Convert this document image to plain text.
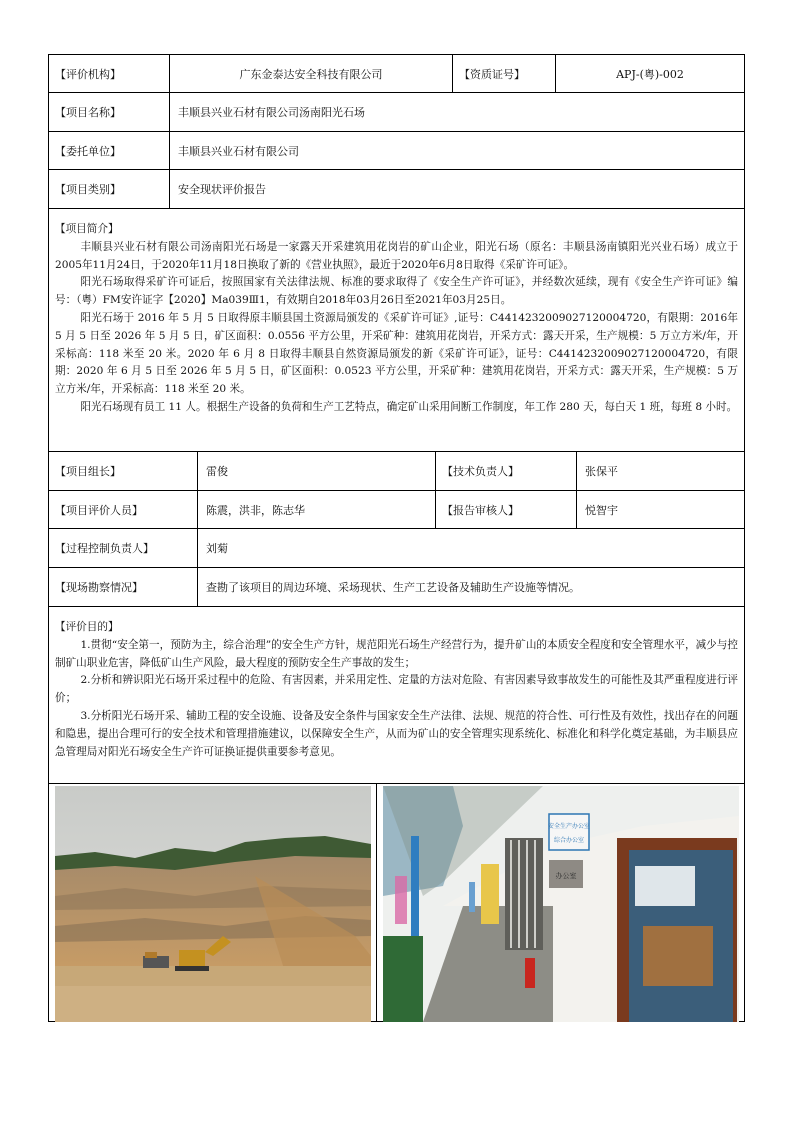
【评价机构】	广东金泰达安全科技有限公司	【资质证号】	APJ-(粤)-002
【项目名称】	丰顺县兴业石材有限公司汤南阳光石场
【委托单位】	丰顺县兴业石材有限公司
【项目类别】	安全现状评价报告

【项目简介】

丰顺县兴业石材有限公司汤南阳光石场是一家露天开采建筑用花岗岩的矿山企业，阳光石场（原名：丰顺县汤南镇阳光兴业石场）成立于2005年11月24日，于2020年11月18日换取了新的《营业执照》，最近于2020年6月8日取得《采矿许可证》。

阳光石场取得采矿许可证后，按照国家有关法律法规、标准的要求取得了《安全生产许可证》，并经数次延续，现有《安全生产许可证》编号：（粤）FM安许证字【2020】Ma039Ⅲ1，有效期自2018年03月26日至2021年03月25日。

阳光石场于 2016 年 5 月 5 日取得原丰顺县国土资源局颁发的《采矿许可证》,证号：C4414232009027120004720，有限期：2016年 5 月 5 日至 2026 年 5 月 5 日，矿区面积：0.0556 平方公里，开采矿种：建筑用花岗岩，开采方式：露天开采，生产规模：5 万立方米/年，开采标高：118 米至 20 米。2020 年 6 月 8 日取得丰顺县自然资源局颁发的新《采矿许可证》，证号：C4414232009027120004720，有限期：2020 年 6 月 5 日至 2026 年 5 月 5 日，矿区面积：0.0523 平方公里，开采矿种：建筑用花岗岩，开采方式：露天开采，生产规模：5 万立方米/年，开采标高：118 米至 20 米。

阳光石场现有员工 11 人。根据生产设备的负荷和生产工艺特点，确定矿山采用间断工作制度，年工作 280 天，每白天 1 班，每班 8 小时。

【项目组长】	雷俊	【技术负责人】	张保平
【项目评价人员】	陈震，洪非，陈志华	【报告审核人】	悦智宇
【过程控制负责人】	刘菊
【现场勘察情况】	查勘了该项目的周边环境、采场现状、生产工艺设备及辅助生产设施等情况。

【评价目的】

1.贯彻“安全第一，预防为主，综合治理”的安全生产方针，规范阳光石场生产经营行为，提升矿山的本质安全程度和安全管理水平，减少与控制矿山职业危害，降低矿山生产风险，最大程度的预防安全生产事故的发生；

2.分析和辨识阳光石场开采过程中的危险、有害因素，并采用定性、定量的方法对危险、有害因素导致事故发生的可能性及其严重程度进行评价；

3.分析阳光石场开采、辅助工程的安全设施、设备及安全条件与国家安全生产法律、法规、规范的符合性、可行性及有效性，找出存在的问题和隐患，提出合理可行的安全技术和管理措施建议，以保障安全生产，从而为矿山的安全管理实现系统化、标准化和科学化奠定基础，为丰顺县应急管理局对阳光石场安全生产许可证换证提供重要参考意见。

安全生产办公室
综合办公室
办公室
